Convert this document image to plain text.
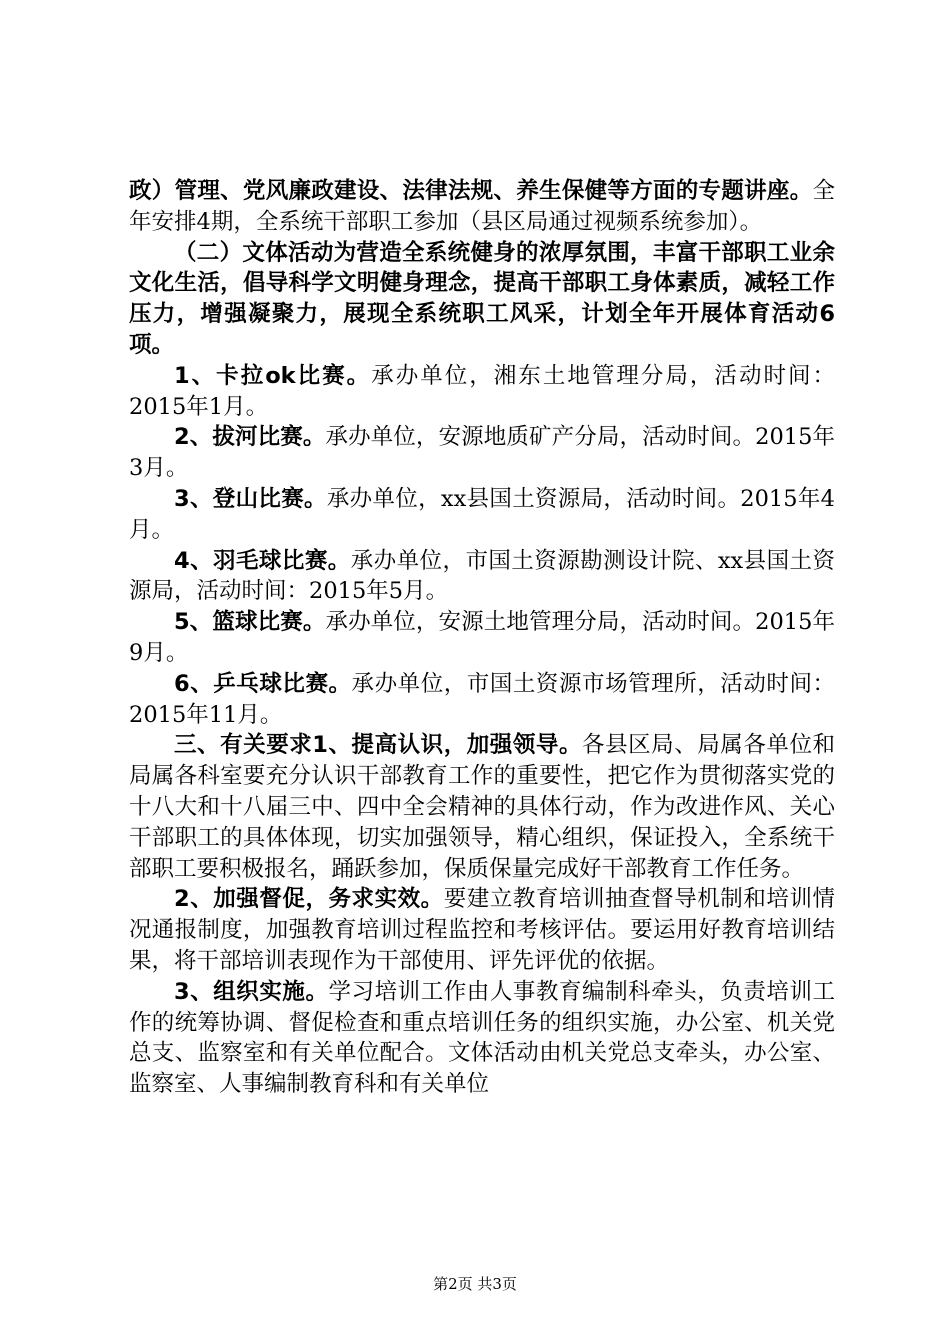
政）管理、党风廉政建设、法律法规、养生保健等方面的专题讲座。全年安排4期，全系统干部职工参加（县区局通过视频系统参加）。

（二）文体活动为营造全系统健身的浓厚氛围，丰富干部职工业余文化生活，倡导科学文明健身理念，提高干部职工身体素质，减轻工作压力，增强凝聚力，展现全系统职工风采，计划全年开展体育活动6项。

1、卡拉ok比赛。承办单位，湘东土地管理分局，活动时间：2015年1月。

2、拔河比赛。承办单位，安源地质矿产分局，活动时间。2015年3月。

3、登山比赛。承办单位，xx县国土资源局，活动时间。2015年4月。

4、羽毛球比赛。承办单位，市国土资源勘测设计院、xx县国土资源局，活动时间：2015年5月。

5、篮球比赛。承办单位，安源土地管理分局，活动时间。2015年9月。

6、乒乓球比赛。承办单位，市国土资源市场管理所，活动时间：2015年11月。

三、有关要求1、提高认识，加强领导。各县区局、局属各单位和局属各科室要充分认识干部教育工作的重要性，把它作为贯彻落实党的十八大和十八届三中、四中全会精神的具体行动，作为改进作风、关心干部职工的具体体现，切实加强领导，精心组织，保证投入，全系统干部职工要积极报名，踊跃参加，保质保量完成好干部教育工作任务。

2、加强督促，务求实效。要建立教育培训抽查督导机制和培训情况通报制度，加强教育培训过程监控和考核评估。要运用好教育培训结果，将干部培训表现作为干部使用、评先评优的依据。

3、组织实施。学习培训工作由人事教育编制科牵头，负责培训工作的统筹协调、督促检查和重点培训任务的组织实施，办公室、机关党总支、监察室和有关单位配合。文体活动由机关党总支牵头，办公室、监察室、人事编制教育科和有关单位

第2页 共3页
